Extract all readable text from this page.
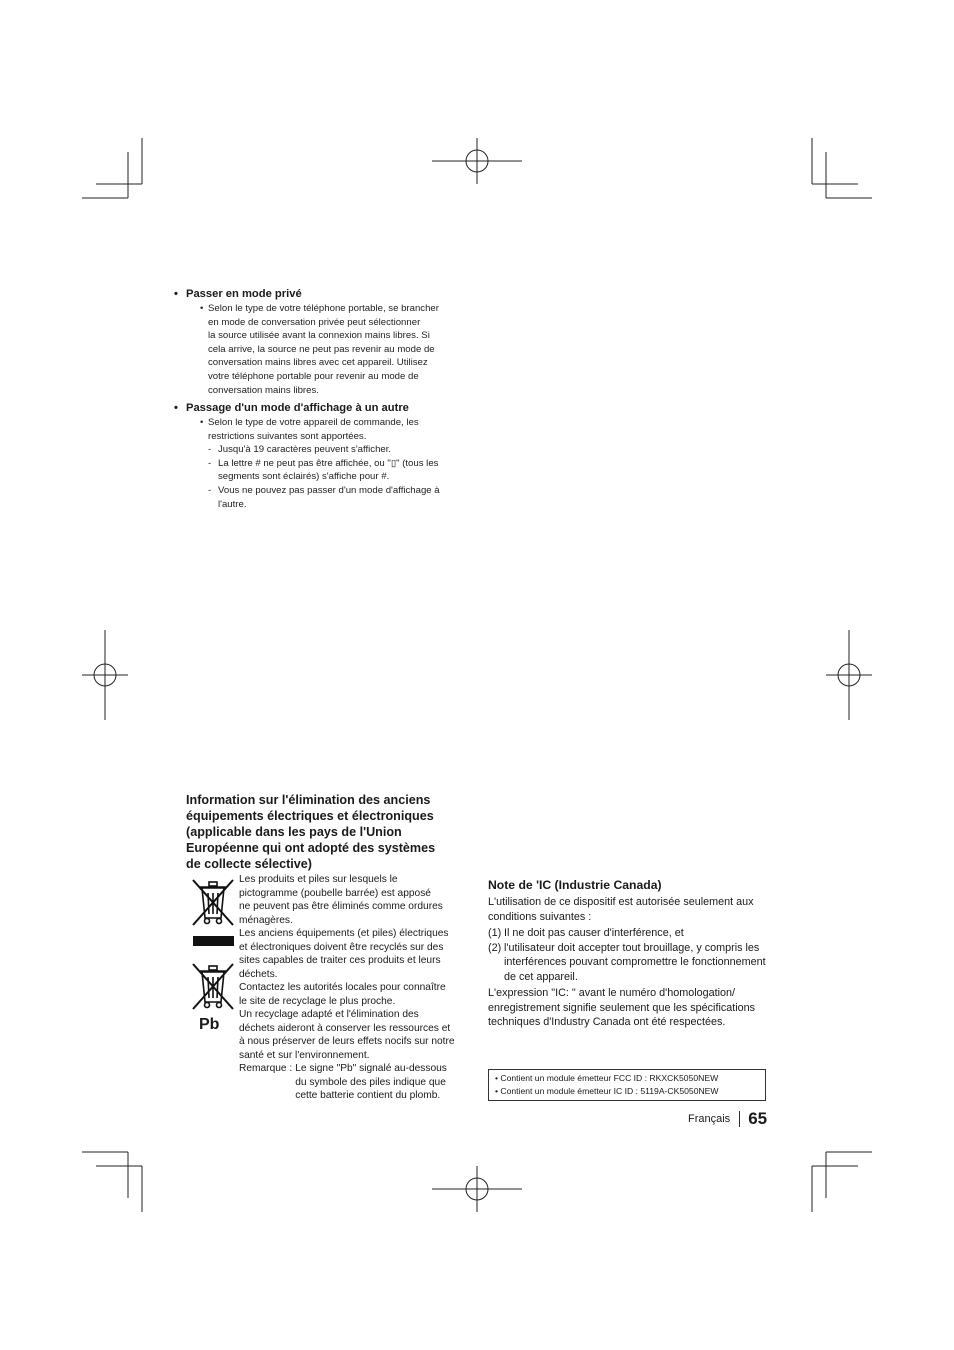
• Passer en mode privé
• Selon le type de votre téléphone portable, se brancher
en mode de conversation privée peut sélectionner
la source utilisée avant la connexion mains libres. Si
cela arrive, la source ne peut pas revenir au mode de
conversation mains libres avec cet appareil. Utilisez
votre téléphone portable pour revenir au mode de
conversation mains libres.
• Passage d'un mode d'affichage à un autre
• Selon le type de votre appareil de commande, les
restrictions suivantes sont apportées.
- Jusqu'à 19 caractères peuvent s'afficher.
- La lettre # ne peut pas être affichée, ou "▯" (tous les
segments sont éclairés) s'affiche pour #.
- Vous ne pouvez pas passer d'un mode d'affichage à
l'autre.
Information sur l'élimination des anciens
équipements électriques et électroniques
(applicable dans les pays de l'Union
Européenne qui ont adopté des systèmes
de collecte sélective)
Pb
Les produits et piles sur lesquels le
pictogramme (poubelle barrée) est apposé
ne peuvent pas être éliminés comme ordures
ménagères.
Les anciens équipements (et piles) électriques
et électroniques doivent être recyclés sur des
sites capables de traiter ces produits et leurs
déchets.
Contactez les autorités locales pour connaître
le site de recyclage le plus proche.
Un recyclage adapté et l'élimination des
déchets aideront à conserver les ressources et
à nous préserver de leurs effets nocifs sur notre
santé et sur l'environnement.
Remarque : Le signe "Pb" signalé au-dessous
du symbole des piles indique que
cette batterie contient du plomb.
Note de 'IC (Industrie Canada)
L'utilisation de ce dispositif est autorisée seulement aux conditions suivantes :
(1) Il ne doit pas causer d'interférence, et
(2) l'utilisateur doit accepter tout brouillage, y compris les interférences pouvant compromettre le fonctionnement de cet appareil.
L'expression "IC: " avant le numéro d'homologation/ enregistrement signifie seulement que les spécifications techniques d'Industry Canada ont été respectées.
• Contient un module émetteur FCC ID : RKXCK5050NEW
• Contient un module émetteur IC ID : 5119A-CK5050NEW
Français 65
